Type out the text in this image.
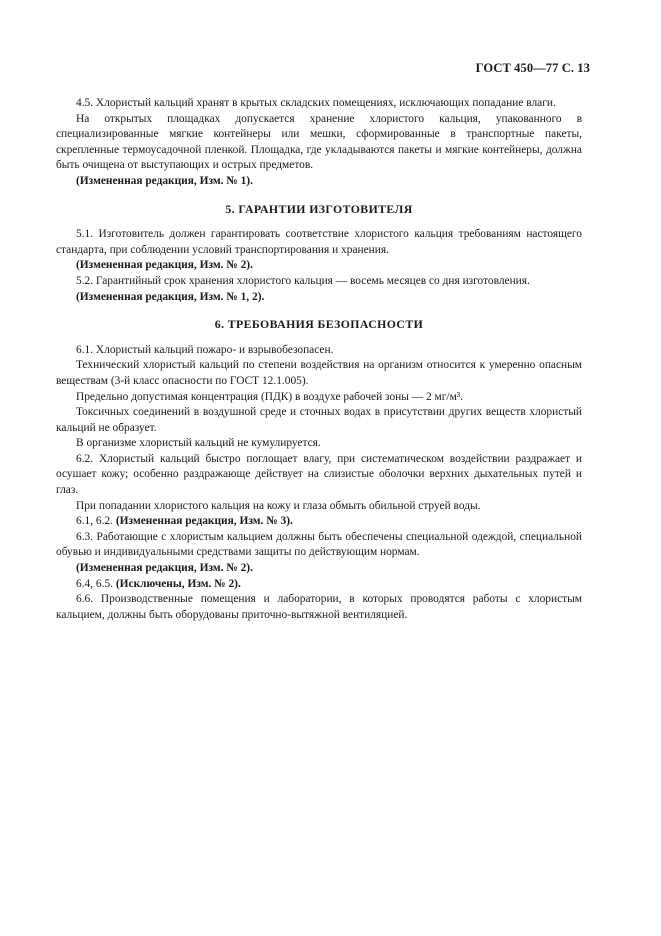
ГОСТ 450—77 С. 13

4.5. Хлористый кальций хранят в крытых складских помещениях, исключающих попадание влаги.

На открытых площадках допускается хранение хлористого кальция, упакованного в специализированные мягкие контейнеры или мешки, сформированные в транспортные пакеты, скрепленные термоусадочной пленкой. Площадка, где укладываются пакеты и мягкие контейнеры, должна быть очищена от выступающих и острых предметов.

(Измененная редакция, Изм. № 1).

5. ГАРАНТИИ ИЗГОТОВИТЕЛЯ

5.1. Изготовитель должен гарантировать соответствие хлористого кальция требованиям настоящего стандарта, при соблюдении условий транспортирования и хранения.

(Измененная редакция, Изм. № 2).

5.2. Гарантийный срок хранения хлористого кальция — восемь месяцев со дня изготовления.

(Измененная редакция, Изм. № 1, 2).

6. ТРЕБОВАНИЯ БЕЗОПАСНОСТИ

6.1. Хлористый кальций пожаро- и взрывобезопасен.

Технический хлористый кальций по степени воздействия на организм относится к умеренно опасным веществам (3-й класс опасности по ГОСТ 12.1.005).

Предельно допустимая концентрация (ПДК) в воздухе рабочей зоны — 2 мг/м³.

Токсичных соединений в воздушной среде и сточных водах в присутствии других веществ хлористый кальций не образует.

В организме хлористый кальций не кумулируется.

6.2. Хлористый кальций быстро поглощает влагу, при систематическом воздействии раздражает и осушает кожу; особенно раздражающе действует на слизистые оболочки верхних дыхательных путей и глаз.

При попадании хлористого кальция на кожу и глаза обмыть обильной струей воды.

6.1, 6.2. (Измененная редакция, Изм. № 3).

6.3. Работающие с хлористым кальцием должны быть обеспечены специальной одеждой, специальной обувью и индивидуальными средствами защиты по действующим нормам.

(Измененная редакция, Изм. № 2).

6.4, 6.5. (Исключены, Изм. № 2).

6.6. Производственные помещения и лаборатории, в которых проводятся работы с хлористым кальцием, должны быть оборудованы приточно-вытяжной вентиляцией.
